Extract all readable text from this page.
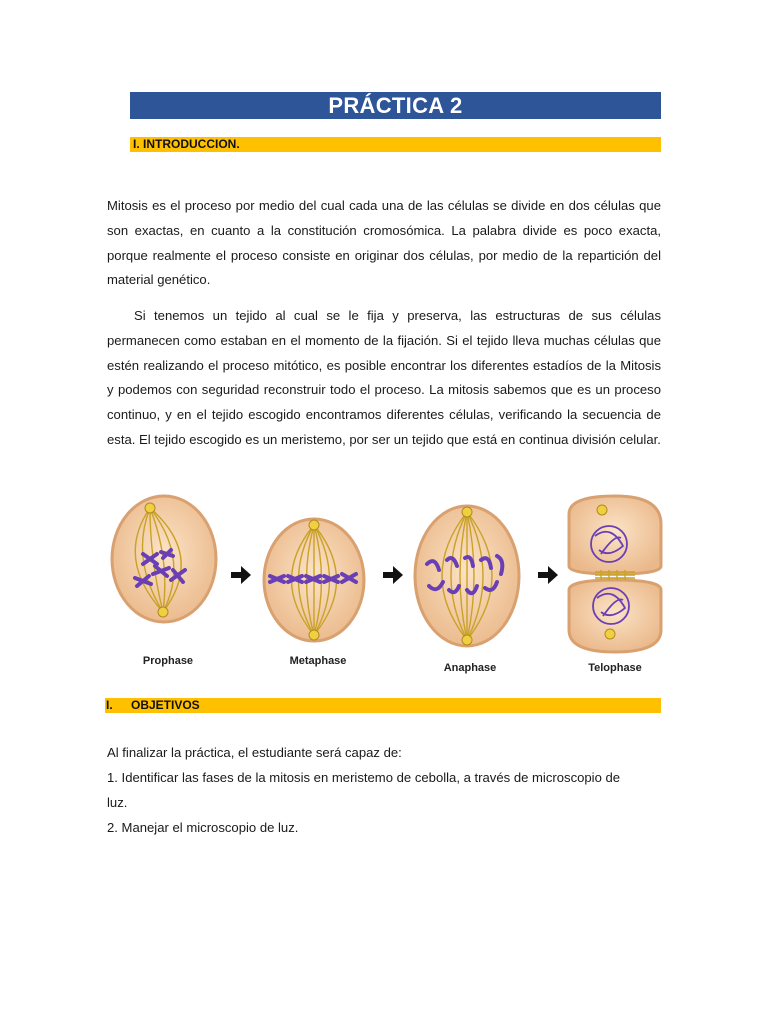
PRÁCTICA 2
I. INTRODUCCION.

Mitosis es el proceso por medio del cual cada una de las células se divide en dos células que son exactas, en cuanto a la constitución cromosómica. La palabra divide es poco exacta, porque realmente el proceso consiste en originar dos células, por medio de la repartición del material genético.

Si tenemos un tejido al cual se le fija y preserva, las estructuras de sus células permanecen como estaban en el momento de la fijación. Si el tejido lleva muchas células que estén realizando el proceso mitótico, es posible encontrar los diferentes estadíos de la Mitosis y podemos con seguridad reconstruir todo el proceso. La mitosis sabemos que es un proceso continuo, y en el tejido escogido encontramos diferentes células, verificando la secuencia de esta. El tejido escogido es un meristemo, por ser un tejido que está en continua división celular.

Prophase	Metaphase
Anaphase	Telophase
I. OBJETIVOS
Al finalizar la práctica, el estudiante será capaz de:
1. Identificar las fases de la mitosis en meristemo de cebolla, a través de microscopio de
luz.
2. Manejar el microscopio de luz.
